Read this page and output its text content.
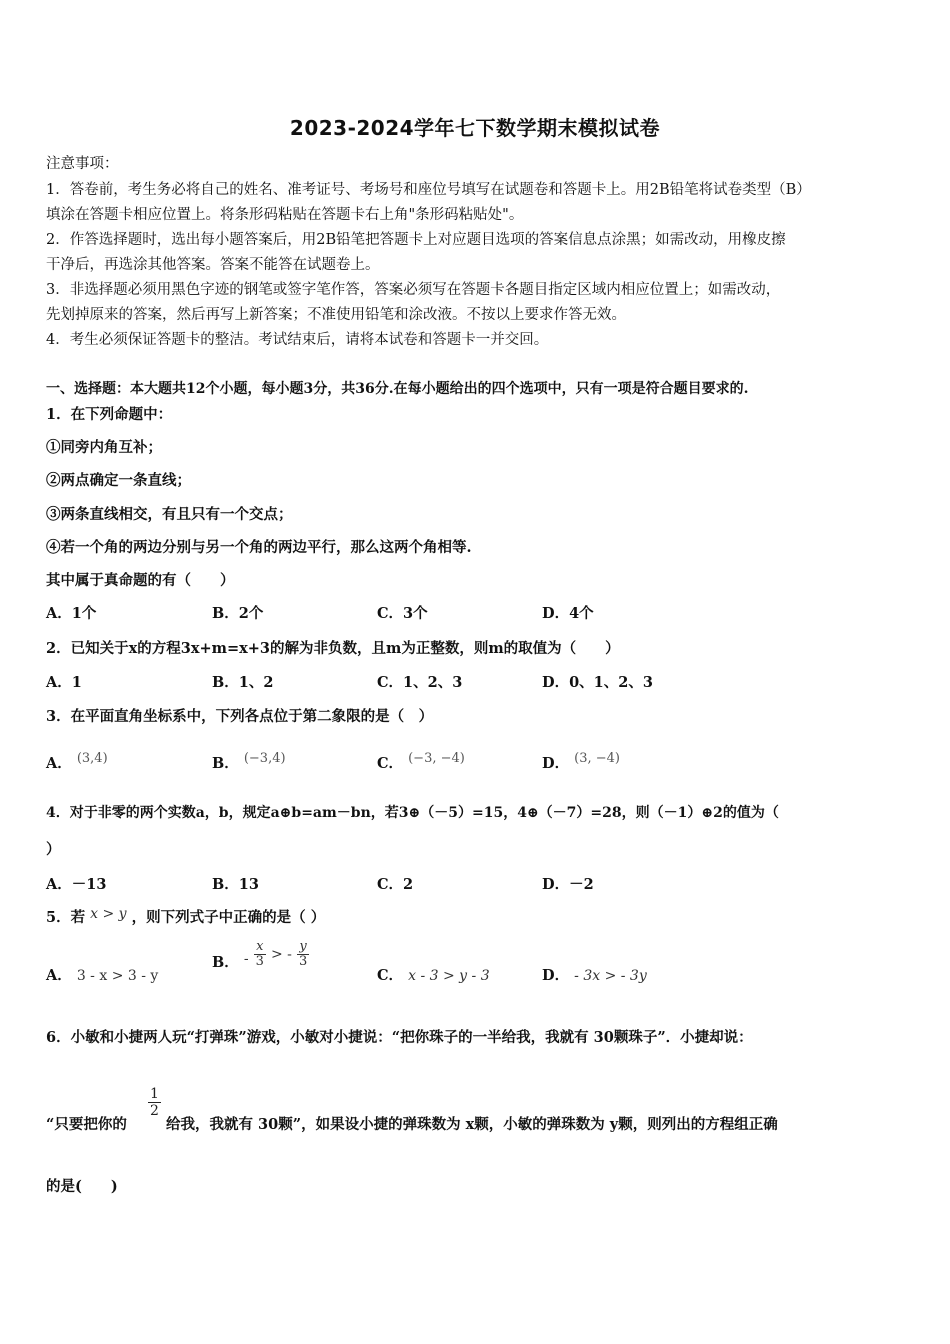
2023-2024学年七下数学期末模拟试卷
注意事项：
1．答卷前，考生务必将自己的姓名、准考证号、考场号和座位号填写在试题卷和答题卡上。用2B铅笔将试卷类型（B）
填涂在答题卡相应位置上。将条形码粘贴在答题卡右上角"条形码粘贴处"。
2．作答选择题时，选出每小题答案后，用2B铅笔把答题卡上对应题目选项的答案信息点涂黑；如需改动，用橡皮擦
干净后，再选涂其他答案。答案不能答在试题卷上。
3．非选择题必须用黑色字迹的钢笔或签字笔作答，答案必须写在答题卡各题目指定区域内相应位置上；如需改动，
先划掉原来的答案，然后再写上新答案；不准使用铅笔和涂改液。不按以上要求作答无效。
4．考生必须保证答题卡的整洁。考试结束后，请将本试卷和答题卡一并交回。
一、选择题：本大题共12个小题，每小题3分，共36分.在每小题给出的四个选项中，只有一项是符合题目要求的.
1．在下列命题中：
①同旁内角互补；
②两点确定一条直线；
③两条直线相交，有且只有一个交点；
④若一个角的两边分别与另一个角的两边平行，那么这两个角相等.
其中属于真命题的有（　　）
A．1个	B．2个	C．3个	D．4个
2．已知关于x的方程3x+m=x+3的解为非负数，且m为正整数，则m的取值为（　　）
A．1	B．1、2	C．1、2、3	D．0、1、2、3
3．在平面直角坐标系中，下列各点位于第二象限的是（　）
A． (3,4)	B． (−3,4)	C． (−3, −4)	D． (3, −4)
4．对于非零的两个实数a，b，规定a⊕b=am－bn，若3⊕（－5）=15，4⊕（－7）=28，则（－1）⊕2的值为（
）
A．－13	B．13	C．2	D．－2
5．若 x > y ，则下列式子中正确的是（ ）
A． 3 - x > 3 - y
B． - $\frac{x}{3}$ > - $\frac{y}{3}$
C． x - 3 > y - 3	D． - 3x > - 3y
6．小敏和小捷两人玩“打弹珠”游戏，小敏对小捷说：“把你珠子的一半给我，我就有 30颗珠子”．小捷却说：
“只要把你的
$\frac{1}{2}$
给我，我就有 30颗”，如果设小捷的弹珠数为 x颗，小敏的弹珠数为 y颗，则列出的方程组正确
的是(　　)
